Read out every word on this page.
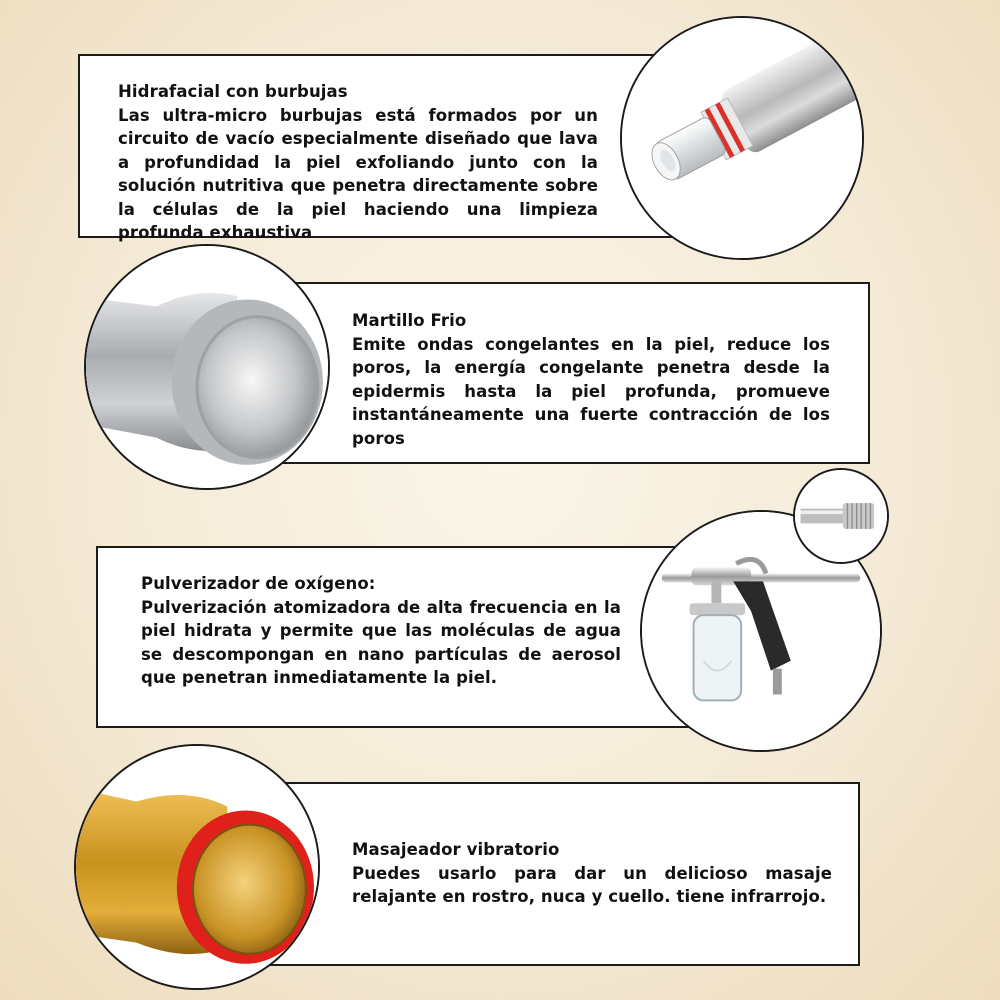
Hidrafacial con burbujas
Las ultra-micro burbujas está formados por un circuito de vacío especialmente diseñado que lava a profundidad la piel exfoliando junto con la solución nutritiva que penetra directamente sobre la células de la piel haciendo una limpieza profunda exhaustiva
Martillo Frio
Emite ondas congelantes en la piel, reduce los poros, la energía congelante penetra desde la epidermis hasta la piel profunda, promueve instantáneamente una fuerte contracción de los poros
Pulverizador de oxígeno:
Pulverización atomizadora de alta frecuencia en la piel hidrata y permite que las moléculas de agua se descompongan en nano partículas de aerosol que penetran inmediatamente la piel.
Masajeador vibratorio
Puedes usarlo para dar un delicioso masaje relajante en rostro, nuca y cuello. tiene infrarrojo.
